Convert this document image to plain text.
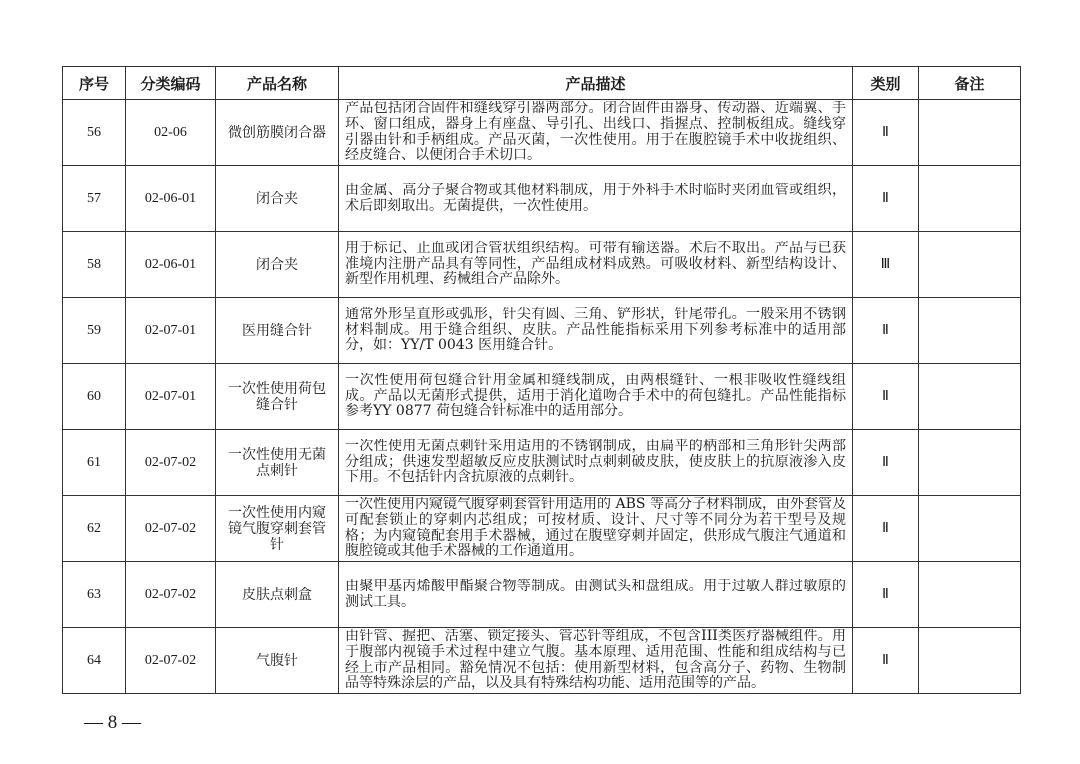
序号	分类编码	产品名称	产品描述	类别	备注

56	02-06	微创筋膜闭合器	产品包括闭合固件和缝线穿引器两部分。闭合固件由器身、传动器、近端翼、手环、窗口组成，器身上有座盘、导引孔、出线口、指握点、控制板组成。缝线穿引器由针和手柄组成。产品灭菌，一次性使用。用于在腹腔镜手术中收拢组织、经皮缝合、以便闭合手术切口。	Ⅱ	

57	02-06-01	闭合夹	由金属、高分子聚合物或其他材料制成，用于外科手术时临时夹闭血管或组织，术后即刻取出。无菌提供，一次性使用。	Ⅱ	

58	02-06-01	闭合夹	用于标记、止血或闭合管状组织结构。可带有输送器。术后不取出。产品与已获准境内注册产品具有等同性，产品组成材料成熟。可吸收材料、新型结构设计、新型作用机理、药械组合产品除外。	Ⅲ	

59	02-07-01	医用缝合针	通常外形呈直形或弧形，针尖有圆、三角、铲形状，针尾带孔。一般采用不锈钢材料制成。用于缝合组织、皮肤。产品性能指标采用下列参考标准中的适用部分，如：YY/T 0043 医用缝合针。	Ⅱ	

60	02-07-01	一次性使用荷包缝合针	一次性使用荷包缝合针用金属和缝线制成，由两根缝针、一根非吸收性缝线组成。产品以无菌形式提供，适用于消化道吻合手术中的荷包缝扎。产品性能指标参考YY 0877 荷包缝合针标准中的适用部分。	Ⅱ	

61	02-07-02	一次性使用无菌点刺针	一次性使用无菌点刺针采用适用的不锈钢制成，由扁平的柄部和三角形针尖两部分组成；供速发型超敏反应皮肤测试时点刺刺破皮肤，使皮肤上的抗原液渗入皮下用。不包括针内含抗原液的点刺针。	Ⅱ	

62	02-07-02	一次性使用内窥镜气腹穿刺套管针	一次性使用内窥镜气腹穿刺套管针用适用的 ABS 等高分子材料制成，由外套管及可配套锁止的穿刺内芯组成；可按材质、设计、尺寸等不同分为若干型号及规格；为内窥镜配套用手术器械，通过在腹壁穿刺并固定，供形成气腹注气通道和腹腔镜或其他手术器械的工作通道用。	Ⅱ	

63	02-07-02	皮肤点刺盒	由聚甲基丙烯酸甲酯聚合物等制成。由测试头和盘组成。用于过敏人群过敏原的测试工具。	Ⅱ	

64	02-07-02	气腹针	由针管、握把、活塞、锁定接头、管芯针等组成，不包含III类医疗器械组件。用于腹部内视镜手术过程中建立气腹。基本原理、适用范围、性能和组成结构与已经上市产品相同。豁免情况不包括：使用新型材料，包含高分子、药物、生物制品等特殊涂层的产品，以及具有特殊结构功能、适用范围等的产品。	Ⅱ	

— 8 —
